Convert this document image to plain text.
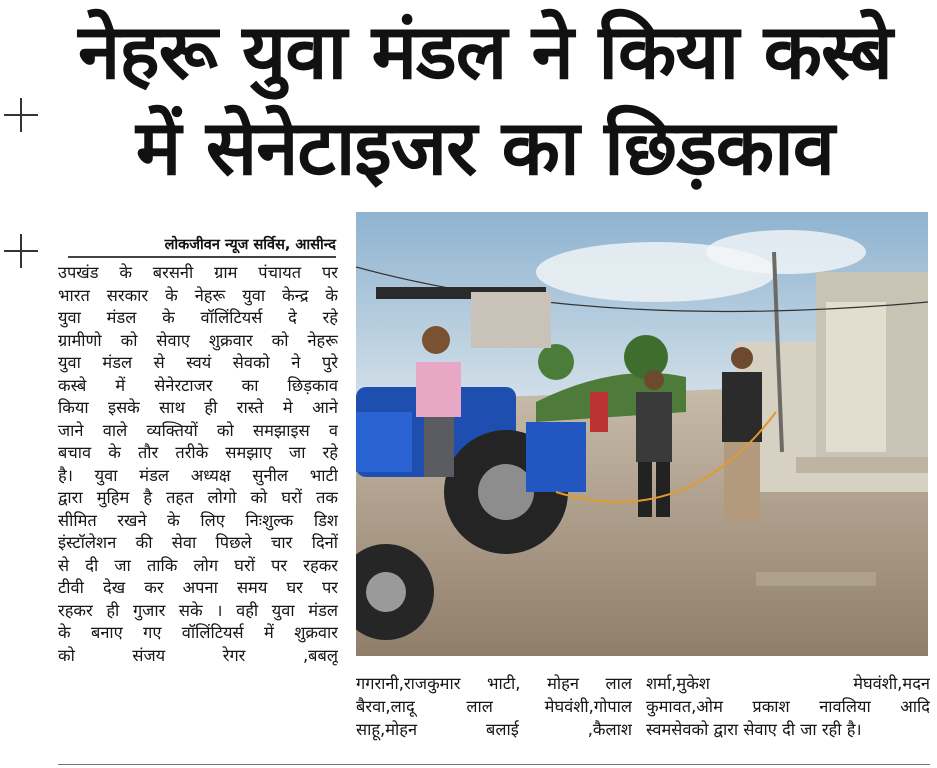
नेहरू युवा मंडल ने किया कस्बे
में सेनेटाइजर का छिड़काव
लोकजीवन न्यूज सर्विस, आसीन्द
उपखंड के बरसनी ग्राम पंचायत पर
भारत सरकार के नेहरू युवा केन्द्र के
युवा मंडल के वॉलिंटियर्स दे रहे
ग्रामीणो को सेवाए शुक्रवार को नेहरू
युवा मंडल से स्वयं सेवको ने पुरे
कस्बे में सेनेरटाजर का छिड़काव
किया इसके साथ ही रास्ते मे आने
जाने वाले व्यक्तियों को समझाइस व
बचाव के तौर तरीके समझाए जा रहे
है। युवा मंडल अध्यक्ष सुनील भाटी
द्वारा मुहिम है तहत लोगो को घरों तक
सीमित रखने के लिए निःशुल्क डिश
इंस्टॉलेशन की सेवा पिछले चार दिनों
से दी जा ताकि लोग घरों पर रहकर
टीवी देख कर अपना समय घर पर
रहकर ही गुजार सके । वही युवा मंडल
के बनाए गए वॉलिंटियर्स में शुक्रवार
को संजय रेगर ,बबलू
गगरानी,राजकुमार भाटी, मोहन लाल
बैरवा,लादू लाल मेघवंशी,गोपाल
साहू,मोहन बलाई ,कैलाश
शर्मा,मुकेश मेघवंशी,मदन
कुमावत,ओम प्रकाश नावलिया आदि
स्वमसेवको द्वारा सेवाए दी जा रही है।
